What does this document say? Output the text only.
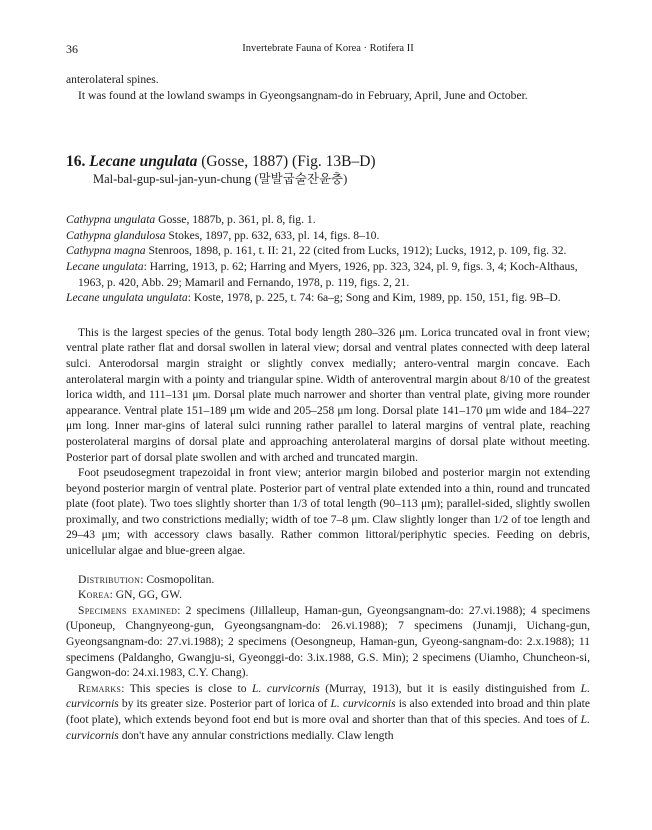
36	Invertebrate Fauna of Korea · Rotifera II

anterolateral spines.

It was found at the lowland swamps in Gyeongsangnam-do in February, April, June and October.

16. Lecane ungulata (Gosse, 1887) (Fig. 13B–D)
Mal-bal-gup-sul-jan-yun-chung (말발굽술잔윤충)

Cathypna ungulata Gosse, 1887b, p. 361, pl. 8, fig. 1.

Cathypna glandulosa Stokes, 1897, pp. 632, 633, pl. 14, figs. 8–10.

Cathypna magna Stenroos, 1898, p. 161, t. II: 21, 22 (cited from Lucks, 1912); Lucks, 1912, p. 109, fig. 32.

Lecane ungulata: Harring, 1913, p. 62; Harring and Myers, 1926, pp. 323, 324, pl. 9, figs. 3, 4; Koch-Althaus, 1963, p. 420, Abb. 29; Mamaril and Fernando, 1978, p. 119, figs. 2, 21.

Lecane ungulata ungulata: Koste, 1978, p. 225, t. 74: 6a–g; Song and Kim, 1989, pp. 150, 151, fig. 9B–D.

This is the largest species of the genus. Total body length 280–326 μm. Lorica truncated oval in front view; ventral plate rather flat and dorsal swollen in lateral view; dorsal and ventral plates connected with deep lateral sulci. Anterodorsal margin straight or slightly convex medially; antero-ventral margin concave. Each anterolateral margin with a pointy and triangular spine. Width of anteroventral margin about 8/10 of the greatest lorica width, and 111–131 μm. Dorsal plate much narrower and shorter than ventral plate, giving more rounder appearance. Ventral plate 151–189 μm wide and 205–258 μm long. Dorsal plate 141–170 μm wide and 184–227 μm long. Inner mar-gins of lateral sulci running rather parallel to lateral margins of ventral plate, reaching posterolateral margins of dorsal plate and approaching anterolateral margins of dorsal plate without meeting. Posterior part of dorsal plate swollen and with arched and truncated margin.

Foot pseudosegment trapezoidal in front view; anterior margin bilobed and posterior margin not extending beyond posterior margin of ventral plate. Posterior part of ventral plate extended into a thin, round and truncated plate (foot plate). Two toes slightly shorter than 1/3 of total length (90–113 μm); parallel-sided, slightly swollen proximally, and two constrictions medially; width of toe 7–8 μm. Claw slightly longer than 1/2 of toe length and 29–43 μm; with accessory claws basally. Rather common littoral/periphytic species. Feeding on debris, unicellular algae and blue-green algae.

Distribution: Cosmopolitan.

Korea: GN, GG, GW.

Specimens examined: 2 specimens (Jillalleup, Haman-gun, Gyeongsangnam-do: 27.vi.1988); 4 specimens (Uponeup, Changnyeong-gun, Gyeongsangnam-do: 26.vi.1988); 7 specimens (Junamji, Uichang-gun, Gyeongsangnam-do: 27.vi.1988); 2 specimens (Oesongneup, Haman-gun, Gyeong-sangnam-do: 2.x.1988); 11 specimens (Paldangho, Gwangju-si, Gyeonggi-do: 3.ix.1988, G.S. Min); 2 specimens (Uiamho, Chuncheon-si, Gangwon-do: 24.xi.1983, C.Y. Chang).

Remarks: This species is close to L. curvicornis (Murray, 1913), but it is easily distinguished from L. curvicornis by its greater size. Posterior part of lorica of L. curvicornis is also extended into broad and thin plate (foot plate), which extends beyond foot end but is more oval and shorter than that of this species. And toes of L. curvicornis don't have any annular constrictions medially. Claw length
